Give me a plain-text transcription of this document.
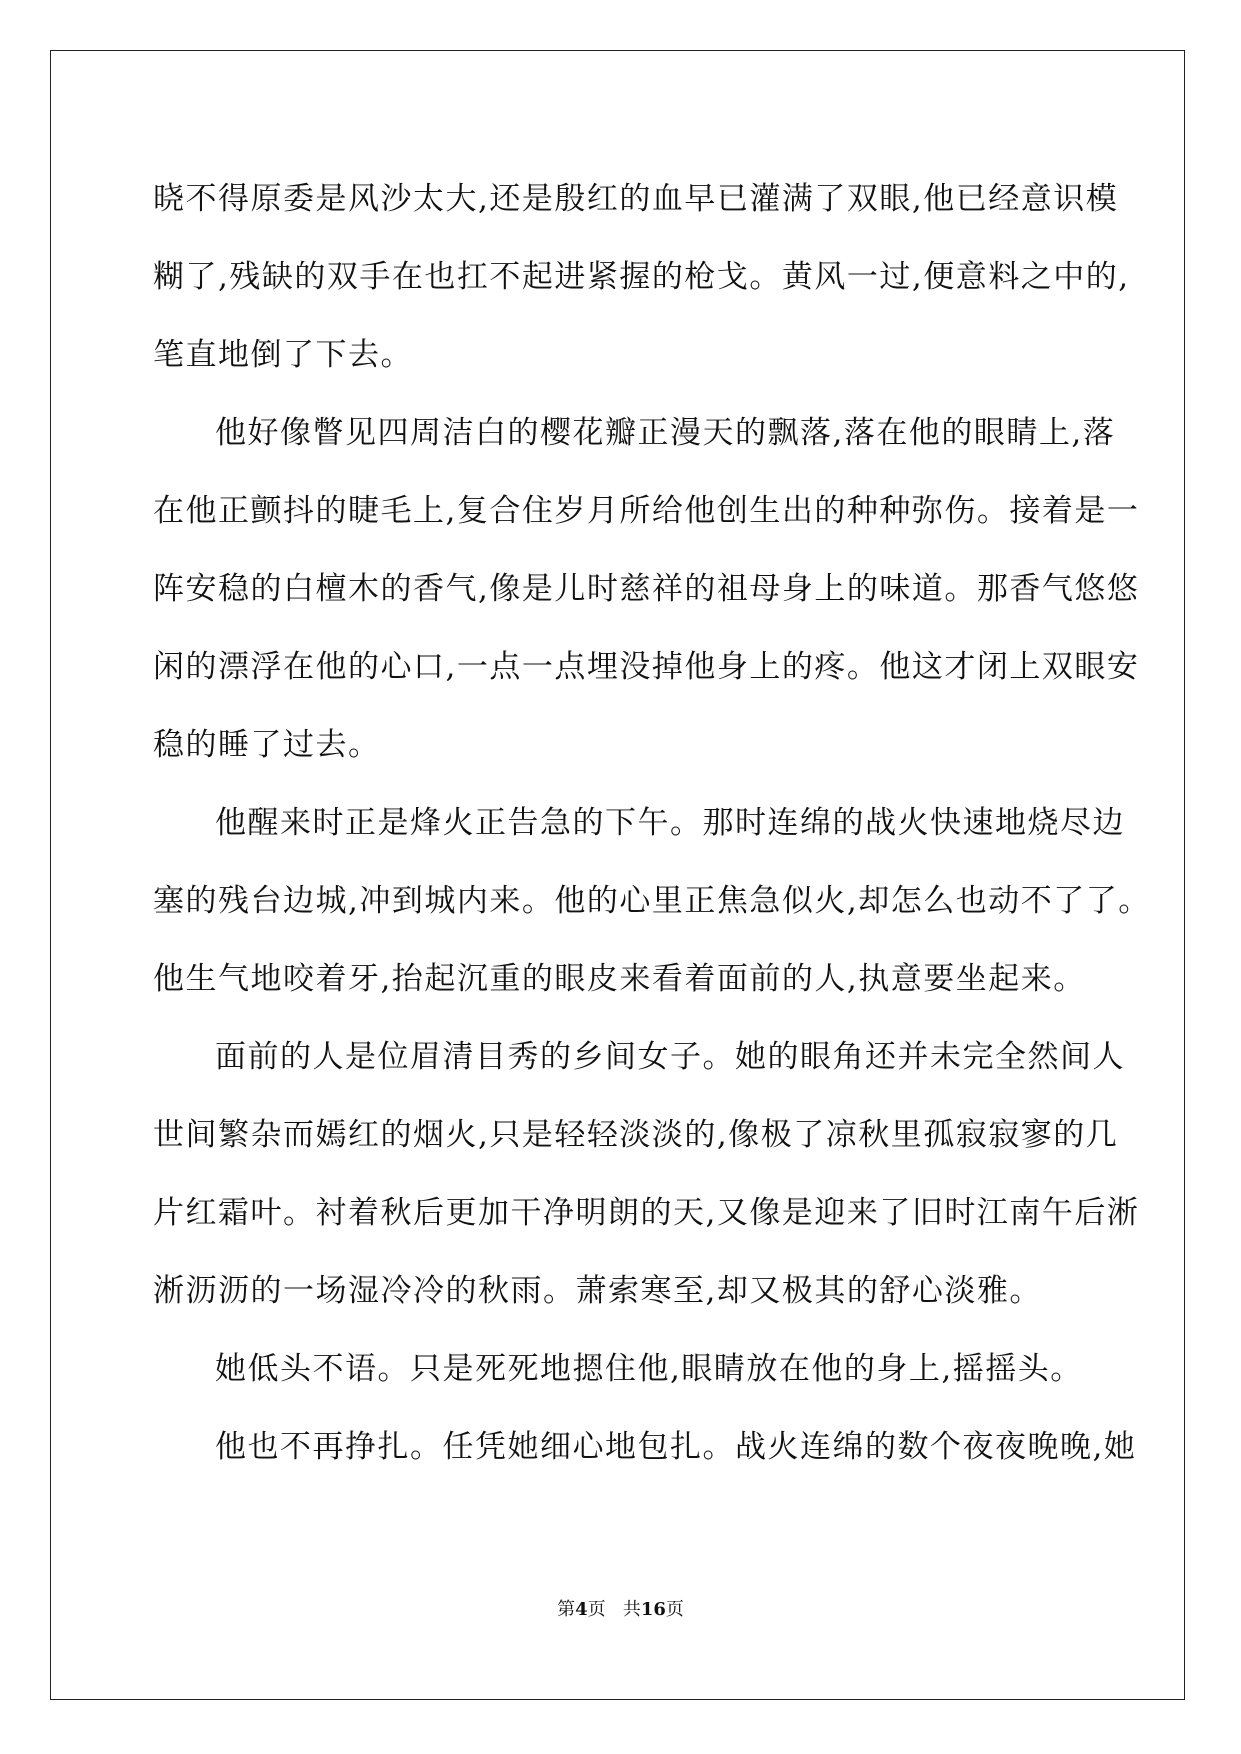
晓不得原委是风沙太大,还是殷红的血早已灌满了双眼,他已经意识模
糊了,残缺的双手在也扛不起进紧握的枪戈。黄风一过,便意料之中的,
笔直地倒了下去。
他好像瞥见四周洁白的樱花瓣正漫天的飘落,落在他的眼睛上,落
在他正颤抖的睫毛上,复合住岁月所给他创生出的种种弥伤。接着是一
阵安稳的白檀木的香气,像是儿时慈祥的祖母身上的味道。那香气悠悠
闲的漂浮在他的心口,一点一点埋没掉他身上的疼。他这才闭上双眼安
稳的睡了过去。
他醒来时正是烽火正告急的下午。那时连绵的战火快速地烧尽边
塞的残台边城,冲到城内来。他的心里正焦急似火,却怎么也动不了了。
他生气地咬着牙,抬起沉重的眼皮来看着面前的人,执意要坐起来。
面前的人是位眉清目秀的乡间女子。她的眼角还并未完全然间人
世间繁杂而嫣红的烟火,只是轻轻淡淡的,像极了凉秋里孤寂寂寥的几
片红霜叶。衬着秋后更加干净明朗的天,又像是迎来了旧时江南午后淅
淅沥沥的一场湿冷冷的秋雨。萧索寒至,却又极其的舒心淡雅。
她低头不语。只是死死地摁住他,眼睛放在他的身上,摇摇头。
他也不再挣扎。任凭她细心地包扎。战火连绵的数个夜夜晚晚,她
第4页 共16页
